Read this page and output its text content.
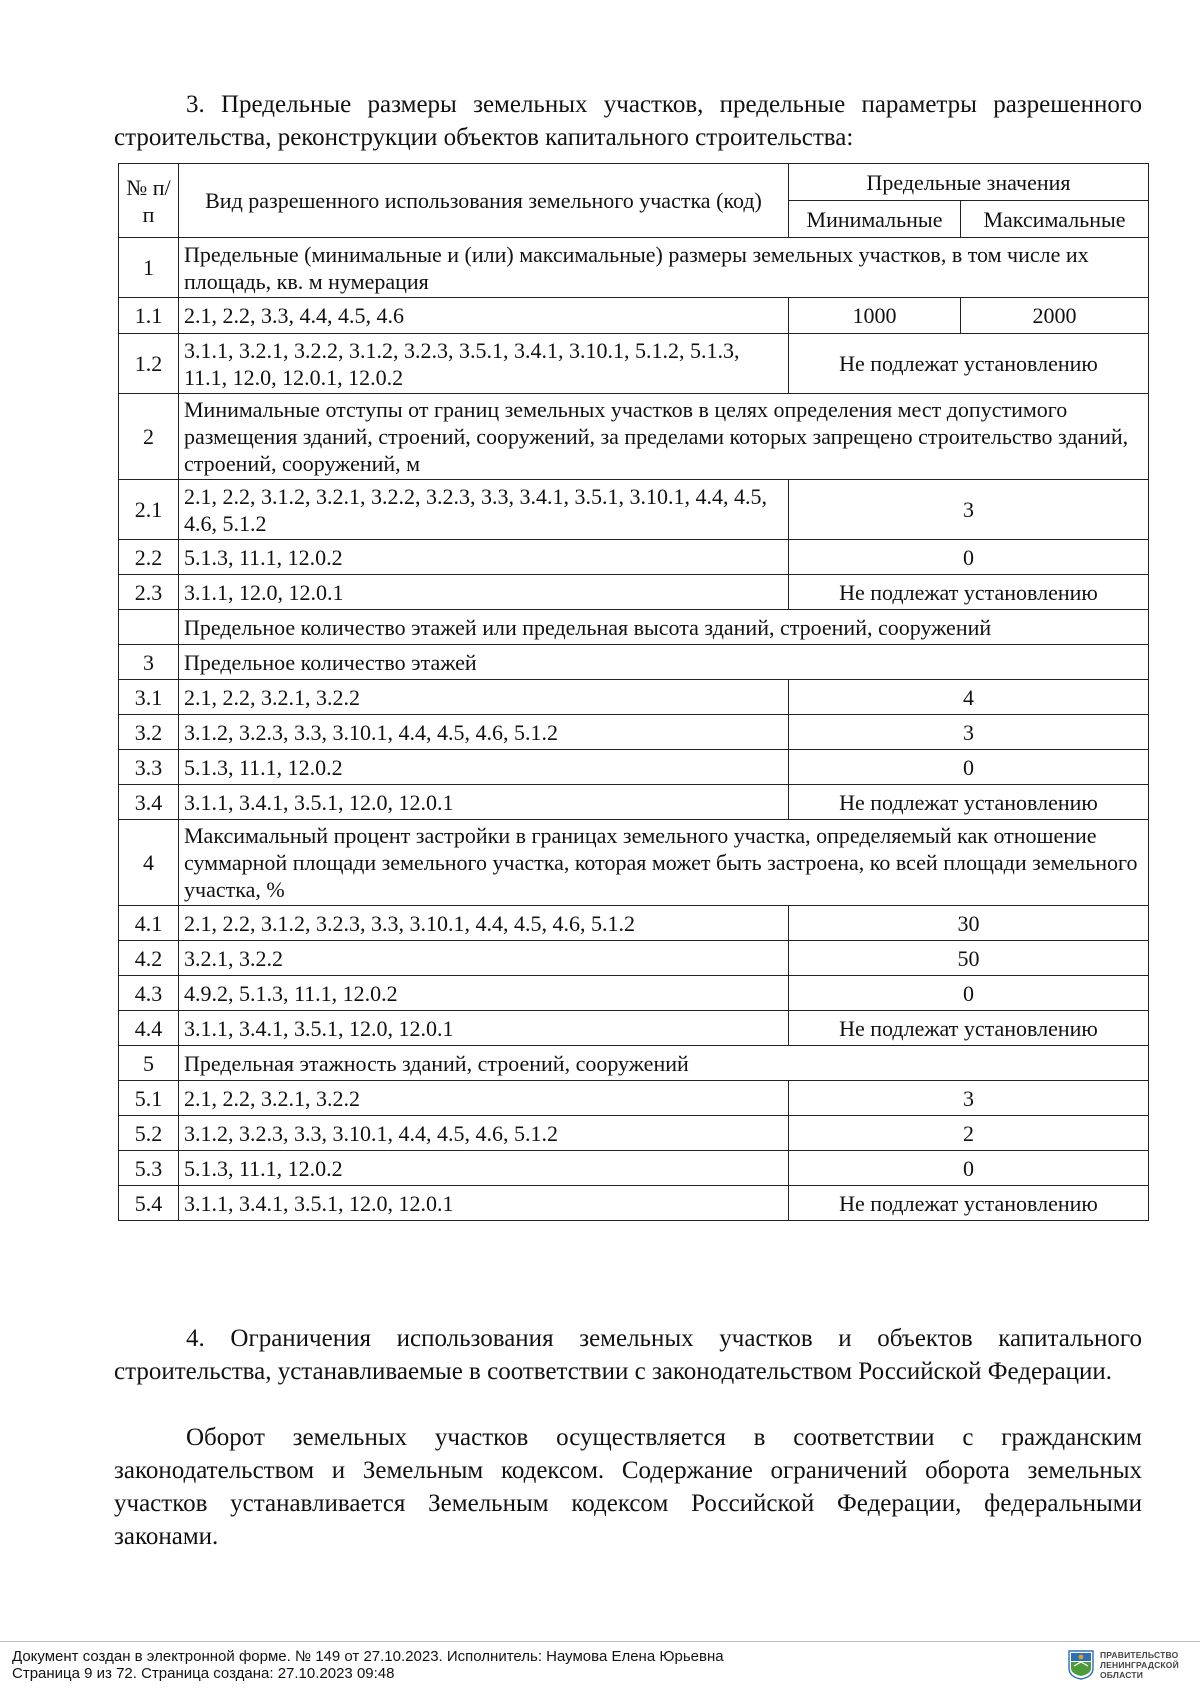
3. Предельные размеры земельных участков, предельные параметры разрешенного строительства, реконструкции объектов капитального строительства:

№ п/п	Вид разрешенного использования земельного участка (код)	Предельные значения	
		Минимальные	Максимальные
1	Предельные (минимальные и (или) максимальные) размеры земельных участков, в том числе их площадь, кв. м нумерация		
1.1	2.1, 2.2, 3.3, 4.4, 4.5, 4.6	1000	2000
1.2	3.1.1, 3.2.1, 3.2.2, 3.1.2, 3.2.3, 3.5.1, 3.4.1, 3.10.1, 5.1.2, 5.1.3, 11.1, 12.0, 12.0.1, 12.0.2	Не подлежат установлению	
2	Минимальные отступы от границ земельных участков в целях определения мест допустимого размещения зданий, строений, сооружений, за пределами которых запрещено строительство зданий, строений, сооружений, м		
2.1	2.1, 2.2, 3.1.2, 3.2.1, 3.2.2, 3.2.3, 3.3, 3.4.1, 3.5.1, 3.10.1, 4.4, 4.5, 4.6, 5.1.2	3	
2.2	5.1.3, 11.1, 12.0.2	0	
2.3	3.1.1, 12.0, 12.0.1	Не подлежат установлению	
	Предельное количество этажей или предельная высота зданий, строений, сооружений		
3	Предельное количество этажей		
3.1	2.1, 2.2, 3.2.1, 3.2.2	4	
3.2	3.1.2, 3.2.3, 3.3, 3.10.1, 4.4, 4.5, 4.6, 5.1.2	3	
3.3	5.1.3, 11.1, 12.0.2	0	
3.4	3.1.1, 3.4.1, 3.5.1, 12.0, 12.0.1	Не подлежат установлению	
4	Максимальный процент застройки в границах земельного участка, определяемый как отношение суммарной площади земельного участка, которая может быть застроена, ко всей площади земельного участка, %		
4.1	2.1, 2.2, 3.1.2, 3.2.3, 3.3, 3.10.1, 4.4, 4.5, 4.6, 5.1.2	30	
4.2	3.2.1, 3.2.2	50	
4.3	4.9.2, 5.1.3, 11.1, 12.0.2	0	
4.4	3.1.1, 3.4.1, 3.5.1, 12.0, 12.0.1	Не подлежат установлению	
5	Предельная этажность зданий, строений, сооружений		
5.1	2.1, 2.2, 3.2.1, 3.2.2	3	
5.2	3.1.2, 3.2.3, 3.3, 3.10.1, 4.4, 4.5, 4.6, 5.1.2	2	
5.3	5.1.3, 11.1, 12.0.2	0	
5.4	3.1.1, 3.4.1, 3.5.1, 12.0, 12.0.1	Не подлежат установлению	

4. Ограничения использования земельных участков и объектов капитального строительства, устанавливаемые в соответствии с законодательством Российской Федерации.

Оборот земельных участков осуществляется в соответствии с гражданским законодательством и Земельным кодексом. Содержание ограничений оборота земельных участков устанавливается Земельным кодексом Российской Федерации, федеральными законами.

Документ создан в электронной форме. № 149 от 27.10.2023. Исполнитель: Наумова Елена Юрьевна
Страница 9 из 72. Страница создана: 27.10.2023 09:48
ПРАВИТЕЛЬСТВО
ЛЕНИНГРАДСКОЙ
ОБЛАСТИ
